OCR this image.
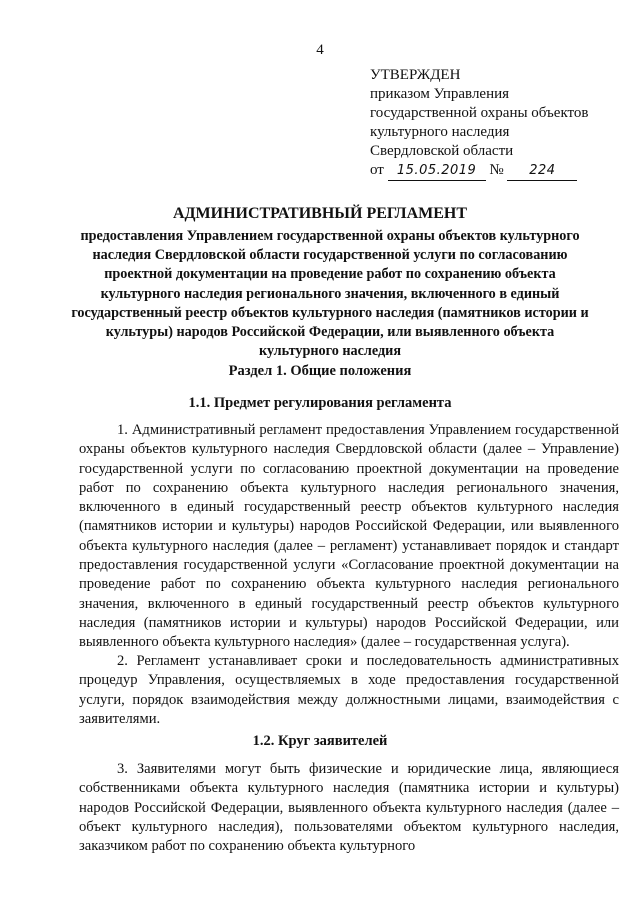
4
УТВЕРЖДЕН
приказом Управления
государственной охраны объектов
культурного наследия
Свердловской области
от 15.05.2019 № 224
АДМИНИСТРАТИВНЫЙ РЕГЛАМЕНТ
предоставления Управлением государственной охраны объектов культурного наследия Свердловской области государственной услуги по согласованию проектной документации на проведение работ по сохранению объекта культурного наследия регионального значения, включенного в единый государственный реестр объектов культурного наследия (памятников истории и культуры) народов Российской Федерации, или выявленного объекта культурного наследия
Раздел 1. Общие положения
1.1. Предмет регулирования регламента

1. Административный регламент предоставления Управлением государственной охраны объектов культурного наследия Свердловской области (далее – Управление) государственной услуги по согласованию проектной документации на проведение работ по сохранению объекта культурного наследия регионального значения, включенного в единый государственный реестр объектов культурного наследия (памятников истории и культуры) народов Российской Федерации, или выявленного объекта культурного наследия (далее – регламент) устанавливает порядок и стандарт предоставления государственной услуги «Согласование проектной документации на проведение работ по сохранению объекта культурного наследия регионального значения, включенного в единый государственный реестр объектов культурного наследия (памятников истории и культуры) народов Российской Федерации, или выявленного объекта культурного наследия» (далее – государственная услуга).

2. Регламент устанавливает сроки и последовательность административных процедур Управления, осуществляемых в ходе предоставления государственной услуги, порядок взаимодействия между должностными лицами, взаимодействия с заявителями.

1.2. Круг заявителей

3. Заявителями могут быть физические и юридические лица, являющиеся собственниками объекта культурного наследия (памятника истории и культуры) народов Российской Федерации, выявленного объекта культурного наследия (далее – объект культурного наследия), пользователями объектом культурного наследия, заказчиком работ по сохранению объекта культурного
